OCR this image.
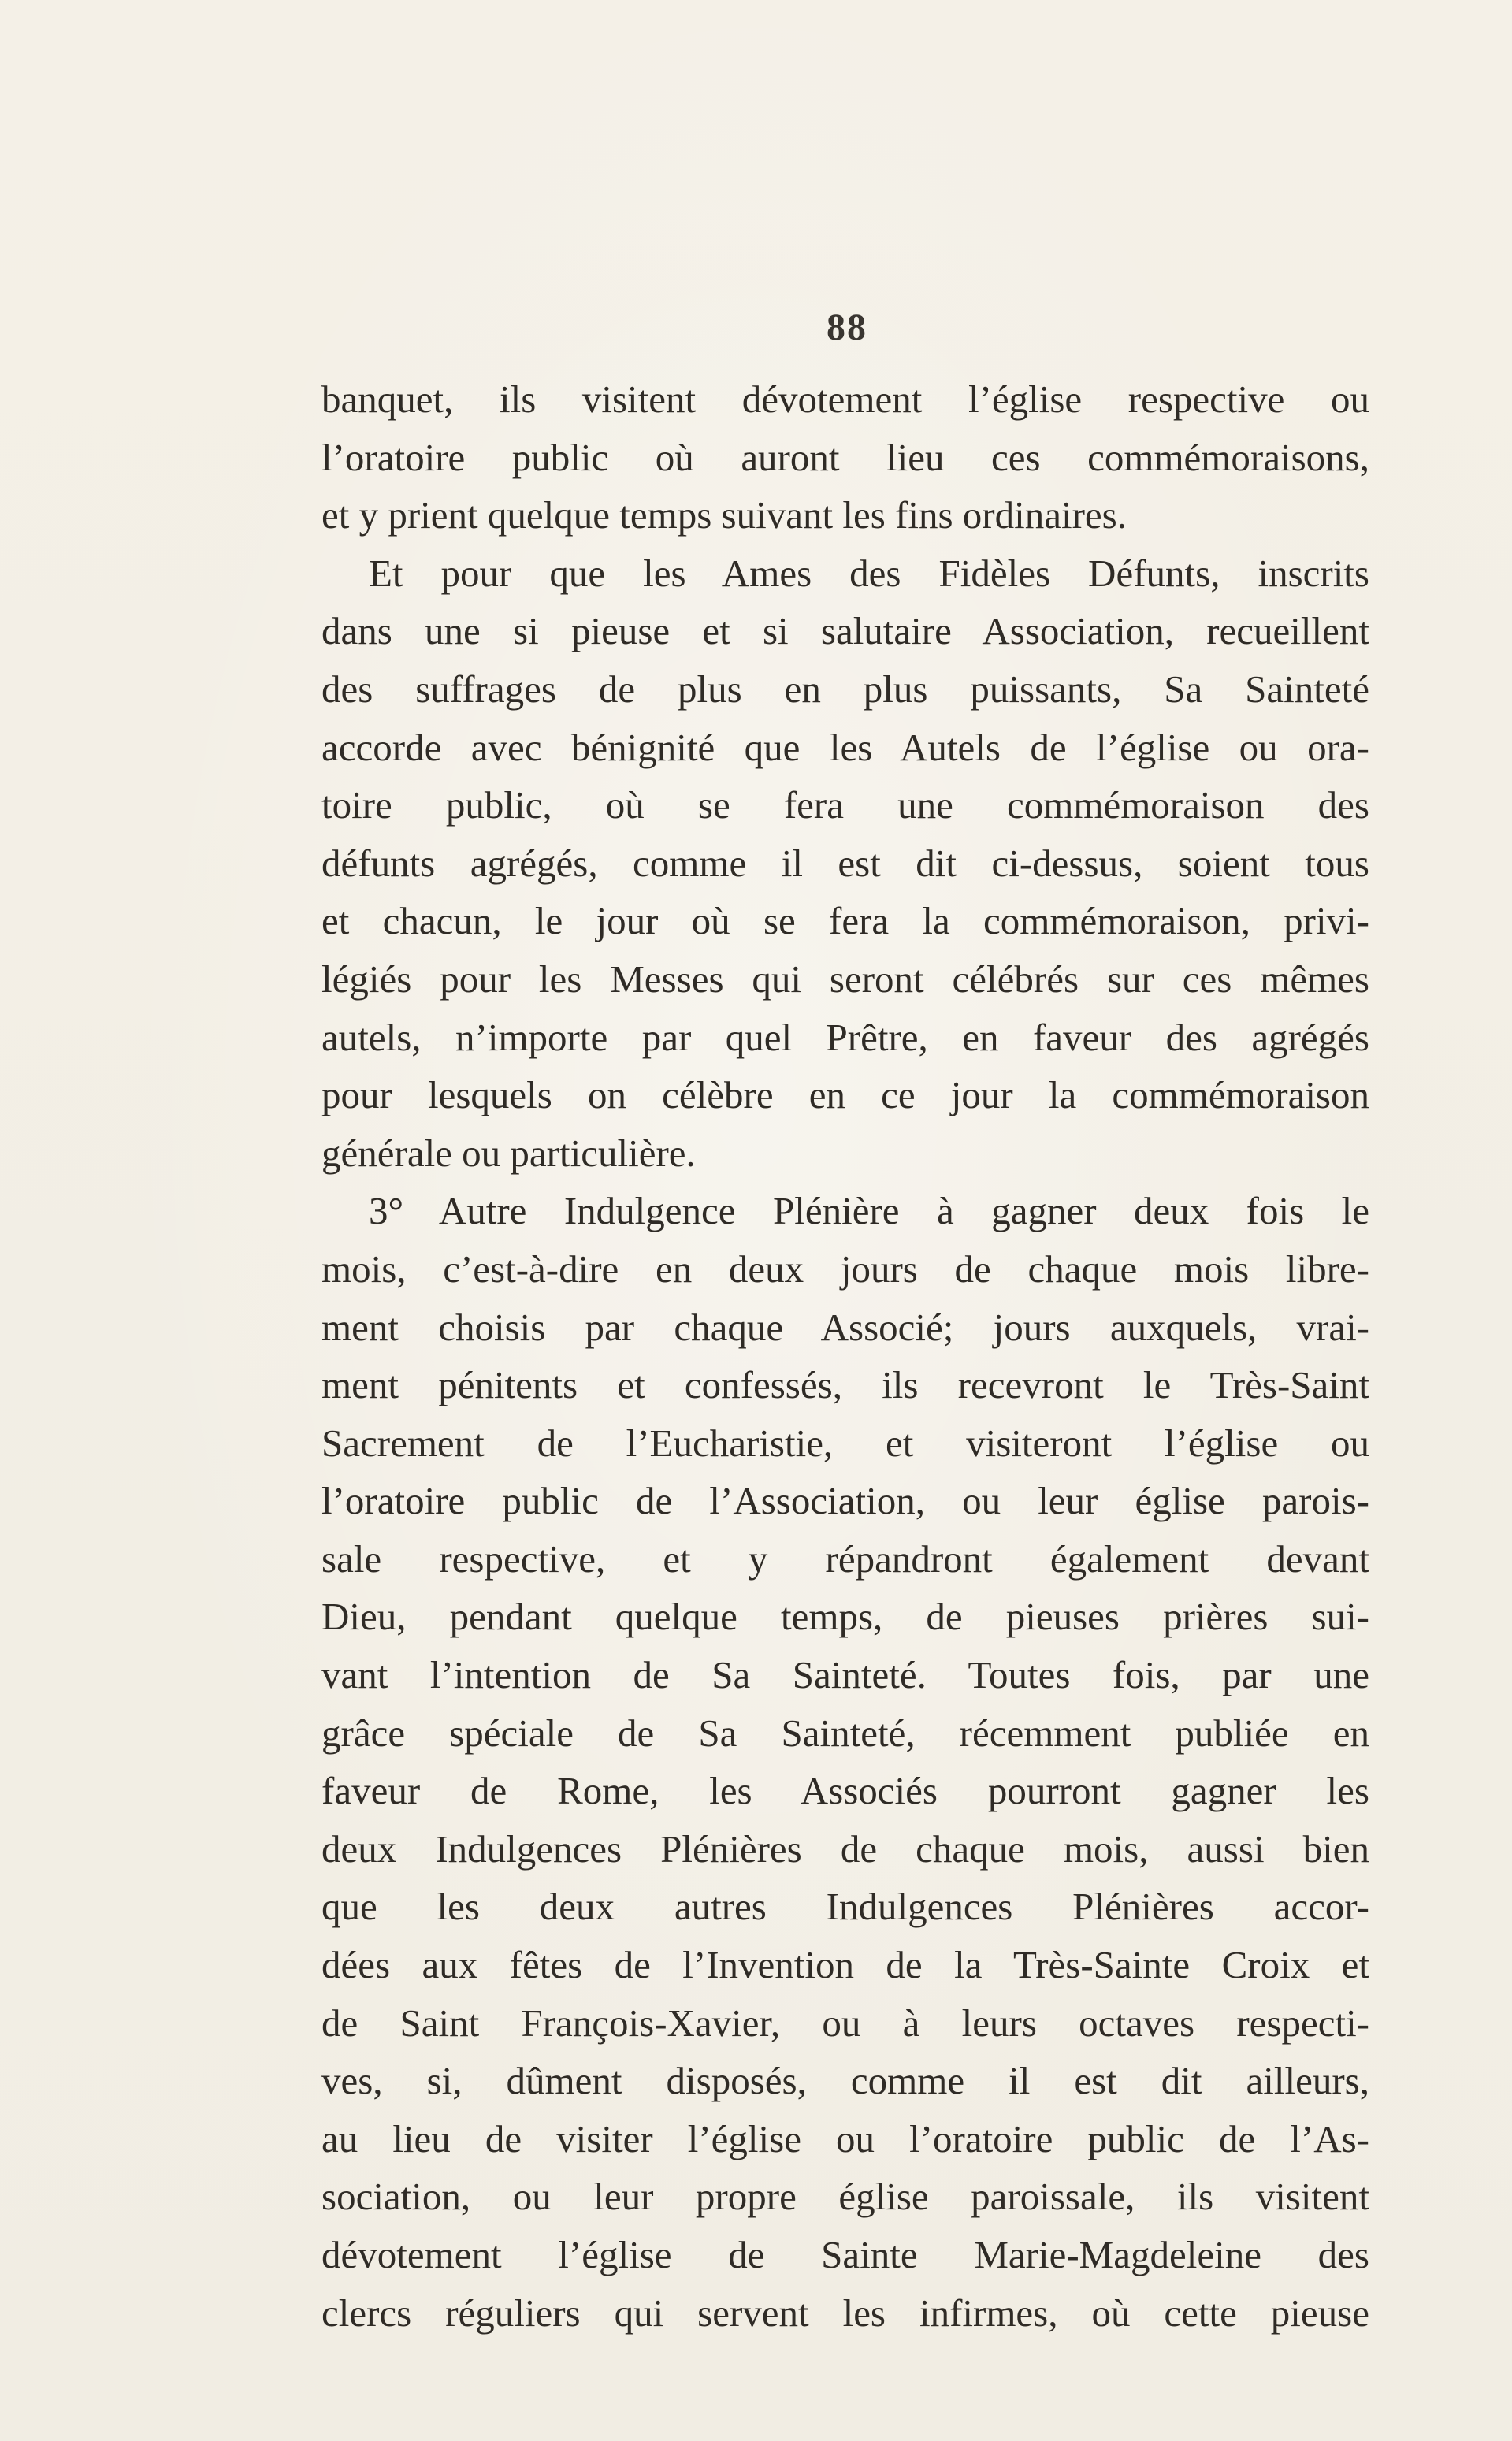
88
banquet, ils visitent dévotement l’église respective ou
l’oratoire public où auront lieu ces commémoraisons,
et y prient quelque temps suivant les fins ordinaires.
Et pour que les Ames des Fidèles Défunts, inscrits
dans une si pieuse et si salutaire Association, recueillent
des suffrages de plus en plus puissants, Sa Sainteté
accorde avec bénignité que les Autels de l’église ou ora-
toire public, où se fera une commémoraison des
défunts agrégés, comme il est dit ci-dessus, soient tous
et chacun, le jour où se fera la commémoraison, privi-
légiés pour les Messes qui seront célébrés sur ces mêmes
autels, n’importe par quel Prêtre, en faveur des agrégés
pour lesquels on célèbre en ce jour la commémoraison
générale ou particulière.
3° Autre Indulgence Plénière à gagner deux fois le
mois, c’est-à-dire en deux jours de chaque mois libre-
ment choisis par chaque Associé; jours auxquels, vrai-
ment pénitents et confessés, ils recevront le Très-Saint
Sacrement de l’Eucharistie, et visiteront l’église ou
l’oratoire public de l’Association, ou leur église parois-
sale respective, et y répandront également devant
Dieu, pendant quelque temps, de pieuses prières sui-
vant l’intention de Sa Sainteté. Toutes fois, par une
grâce spéciale de Sa Sainteté, récemment publiée en
faveur de Rome, les Associés pourront gagner les
deux Indulgences Plénières de chaque mois, aussi bien
que les deux autres Indulgences Plénières accor-
dées aux fêtes de l’Invention de la Très-Sainte Croix et
de Saint François-Xavier, ou à leurs octaves respecti-
ves, si, dûment disposés, comme il est dit ailleurs,
au lieu de visiter l’église ou l’oratoire public de l’As-
sociation, ou leur propre église paroissale, ils visitent
dévotement l’église de Sainte Marie-Magdeleine des
clercs réguliers qui servent les infirmes, où cette pieuse
